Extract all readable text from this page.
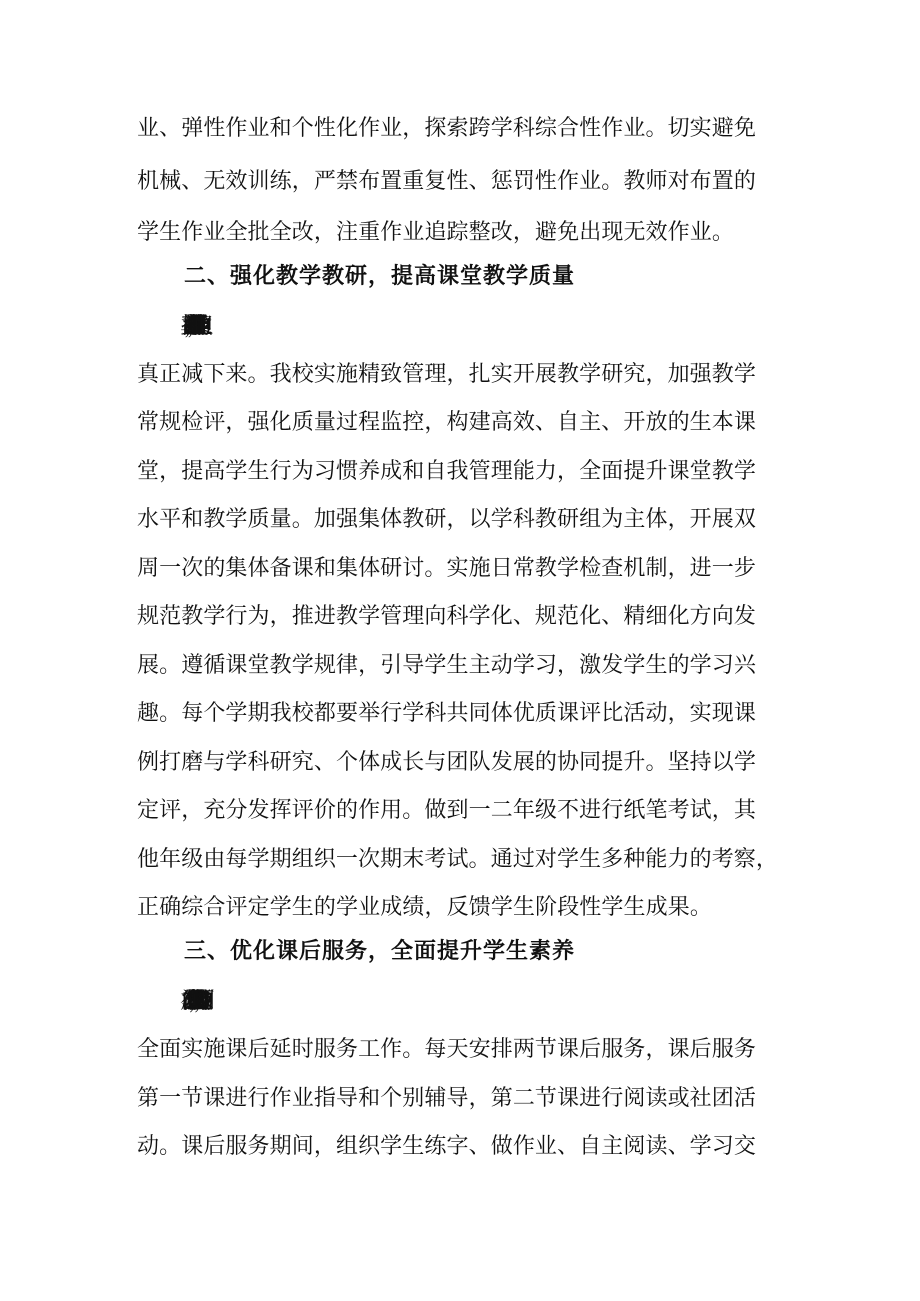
业、弹性作业和个性化作业，探索跨学科综合性作业。切实避免

机械、无效训练，严禁布置重复性、惩罚性作业。教师对布置的

学生作业全批全改，注重作业追踪整改，避免出现无效作业。

二、强化教学教研，提高课堂教学质量

真正提高课堂效率，提高教学质量，才能让学生的作业负担

真正减下来。我校实施精致管理，扎实开展教学研究，加强教学

常规检评，强化质量过程监控，构建高效、自主、开放的生本课

堂，提高学生行为习惯养成和自我管理能力，全面提升课堂教学

水平和教学质量。加强集体教研，以学科教研组为主体，开展双

周一次的集体备课和集体研讨。实施日常教学检查机制，进一步

规范教学行为，推进教学管理向科学化、规范化、精细化方向发

展。遵循课堂教学规律，引导学生主动学习，激发学生的学习兴

趣。每个学期我校都要举行学科共同体优质课评比活动，实现课

例打磨与学科研究、个体成长与团队发展的协同提升。坚持以学

定评，充分发挥评价的作用。做到一二年级不进行纸笔考试，其

他年级由每学期组织一次期末考试。通过对学生多种能力的考察，

正确综合评定学生的学业成绩，反馈学生阶段性学生成果。

三、优化课后服务，全面提升学生素养

在广泛征求家长意见和建议的基础上，坚持自愿参与的原则，

全面实施课后延时服务工作。每天安排两节课后服务，课后服务

第一节课进行作业指导和个别辅导，第二节课进行阅读或社团活

动。课后服务期间，组织学生练字、做作业、自主阅读、学习交
